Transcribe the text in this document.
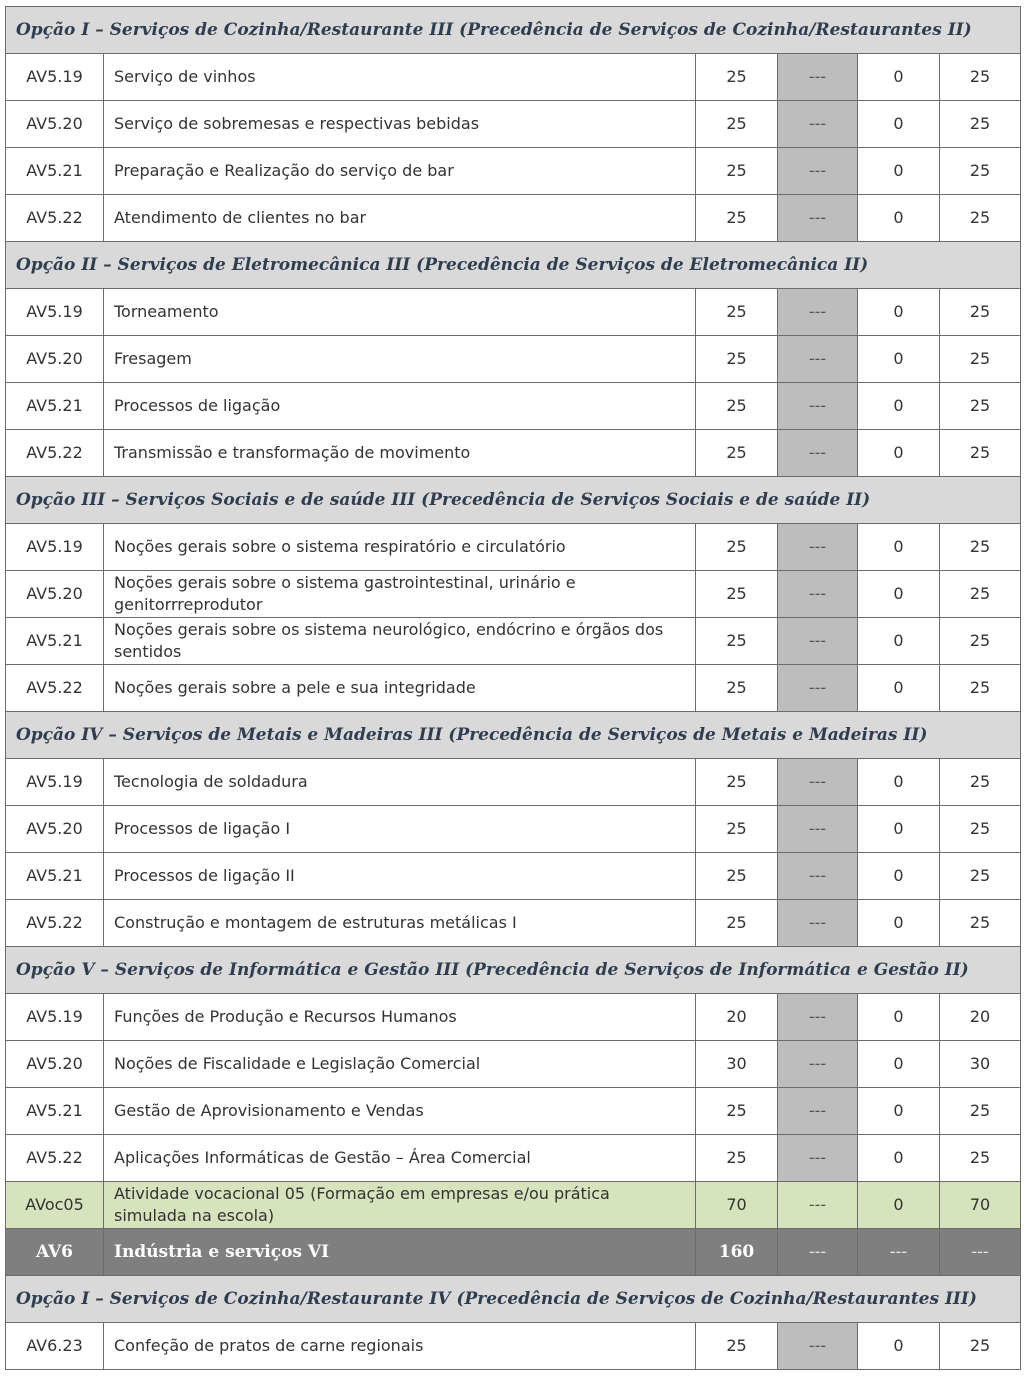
Opção I – Serviços de Cozinha/Restaurante III (Precedência de Serviços de Cozinha/Restaurantes II)					
AV5.19	Serviço de vinhos	25	---	0	25
AV5.20	Serviço de sobremesas e respectivas bebidas	25	---	0	25
AV5.21	Preparação e Realização do serviço de bar	25	---	0	25
AV5.22	Atendimento de clientes no bar	25	---	0	25
Opção II – Serviços de Eletromecânica III (Precedência de Serviços de Eletromecânica II)					
AV5.19	Torneamento	25	---	0	25
AV5.20	Fresagem	25	---	0	25
AV5.21	Processos de ligação	25	---	0	25
AV5.22	Transmissão e transformação de movimento	25	---	0	25
Opção III – Serviços Sociais e de saúde III (Precedência de Serviços Sociais e de saúde II)					
AV5.19	Noções gerais sobre o sistema respiratório e circulatório	25	---	0	25
AV5.20	Noções gerais sobre o sistema gastrointestinal, urinário e genitorrreprodutor	25	---	0	25
AV5.21	Noções gerais sobre os sistema neurológico, endócrino e órgãos dos sentidos	25	---	0	25
AV5.22	Noções gerais sobre a pele e sua integridade	25	---	0	25
Opção IV – Serviços de Metais e Madeiras III (Precedência de Serviços de Metais e Madeiras II)					
AV5.19	Tecnologia de soldadura	25	---	0	25
AV5.20	Processos de ligação I	25	---	0	25
AV5.21	Processos de ligação II	25	---	0	25
AV5.22	Construção e montagem de estruturas metálicas I	25	---	0	25
Opção V – Serviços de Informática e Gestão III (Precedência de Serviços de Informática e Gestão II)					
AV5.19	Funções de Produção e Recursos Humanos	20	---	0	20
AV5.20	Noções de Fiscalidade e Legislação Comercial	30	---	0	30
AV5.21	Gestão de Aprovisionamento e Vendas	25	---	0	25
AV5.22	Aplicações Informáticas de Gestão – Área Comercial	25	---	0	25
AVoc05	Atividade vocacional 05 (Formação em empresas e/ou prática simulada na escola)	70	---	0	70
AV6	Indústria e serviços VI	160	---	---	---
Opção I – Serviços de Cozinha/Restaurante IV (Precedência de Serviços de Cozinha/Restaurantes III)					
AV6.23	Confeção de pratos de carne regionais	25	---	0	25
